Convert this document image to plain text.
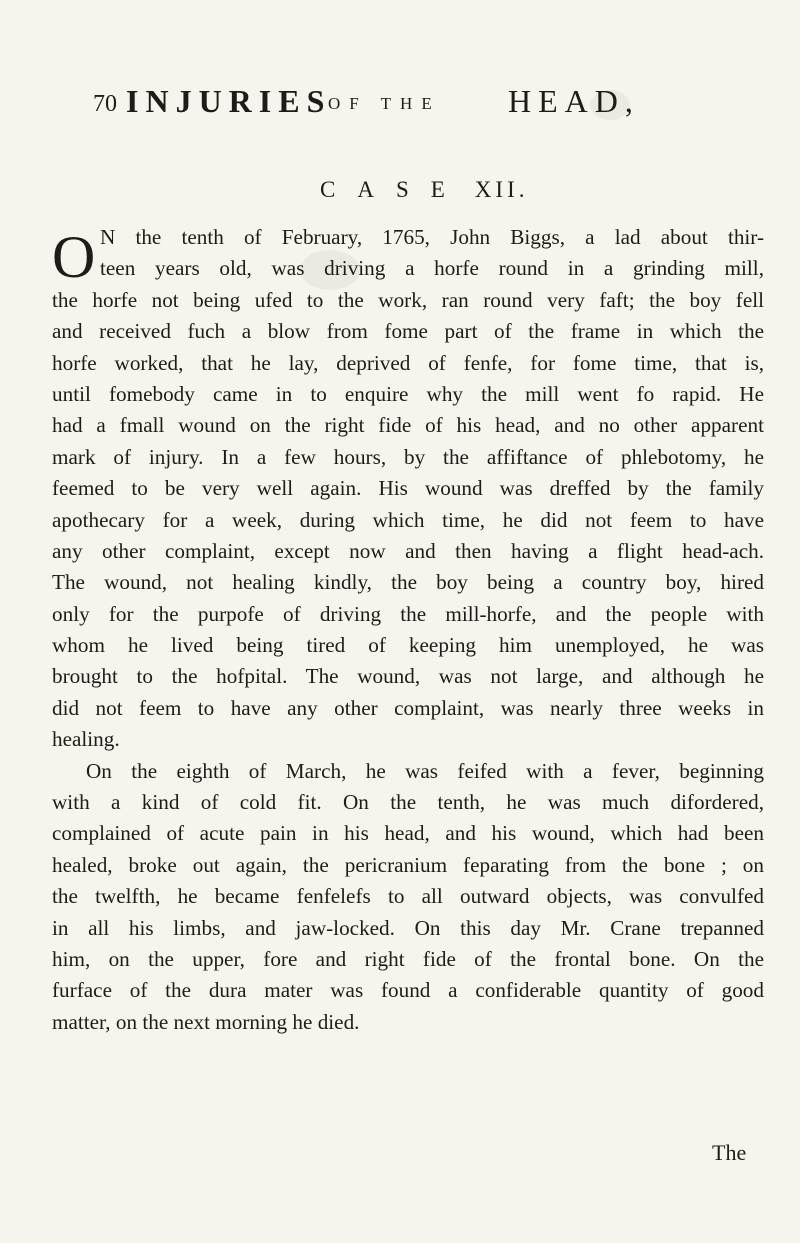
70 INJURIES
OF THE HEAD,
CASE XII.
O N the tenth of February, 1765, John Biggs, a lad about thir-
teen years old, was driving a horfe round in a grinding mill,
the horfe not being ufed to the work, ran round very faft; the boy fell
and received fuch a blow from fome part of the frame in which the
horfe worked, that he lay, deprived of fenfe, for fome time, that is,
until fomebody came in to enquire why the mill went fo rapid. He
had a fmall wound on the right fide of his head, and no other apparent
mark of injury. In a few hours, by the affiftance of phlebotomy, he
feemed to be very well again. His wound was dreffed by the family
apothecary for a week, during which time, he did not feem to have
any other complaint, except now and then having a flight head-ach.
The wound, not healing kindly, the boy being a country boy, hired
only for the purpofe of driving the mill-horfe, and the people with
whom he lived being tired of keeping him unemployed, he was
brought to the hofpital. The wound, was not large, and although he
did not feem to have any other complaint, was nearly three weeks in
healing.
On the eighth of March, he was feifed with a fever, beginning
with a kind of cold fit. On the tenth, he was much difordered,
complained of acute pain in his head, and his wound, which had been
healed, broke out again, the pericranium feparating from the bone ; on
the twelfth, he became fenfelefs to all outward objects, was convulfed
in all his limbs, and jaw-locked. On this day Mr. Crane trepanned
him, on the upper, fore and right fide of the frontal bone. On the
furface of the dura mater was found a confiderable quantity of good
matter, on the next morning he died.
The
